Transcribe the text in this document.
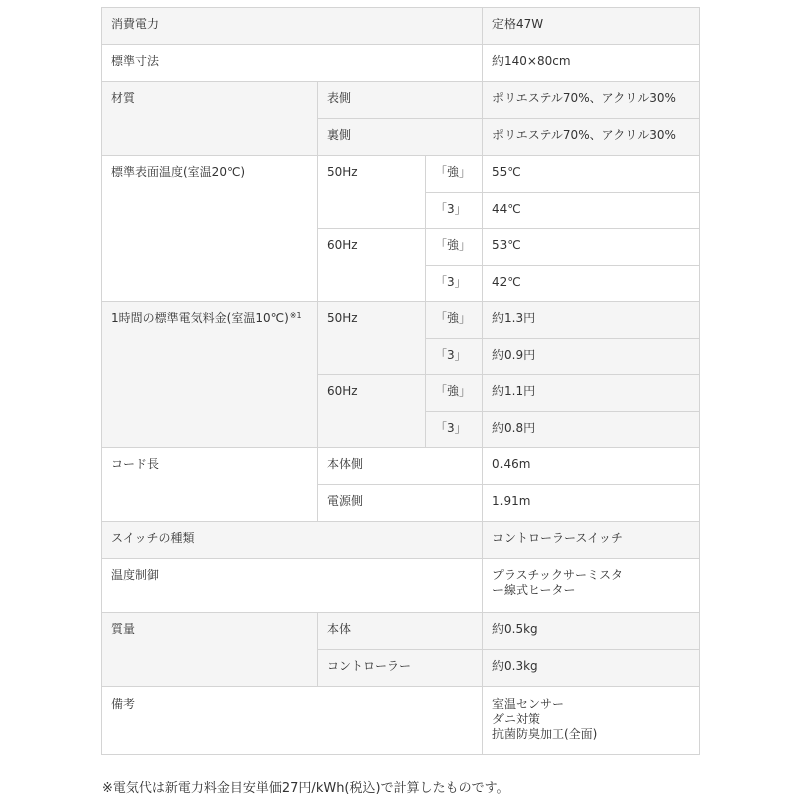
消費電力			定格47W
標準寸法			約140×80cm
材質	表側		ポリエステル70%、アクリル30%
	裏側		ポリエステル70%、アクリル30%
標準表面温度(室温20℃)	50Hz	「強」	55℃
		「3」	44℃
	60Hz	「強」	53℃
		「3」	42℃
1時間の標準電気料金(室温10℃)$^{※1}$	50Hz	「強」	約1.3円
		「3」	約0.9円
	60Hz	「強」	約1.1円
		「3」	約0.8円
コード長	本体側		0.46m
	電源側		1.91m
スイッチの種類			コントローラースイッチ
温度制御			プラスチックサーミスタ
ー線式ヒーター

質量	本体		約0.5kg
	コントローラー		約0.3kg
備考			室温センサー
ダニ対策
抗菌防臭加工(全面)
※電気代は新電力料金目安単価27円/kWh(税込)で計算したものです。
